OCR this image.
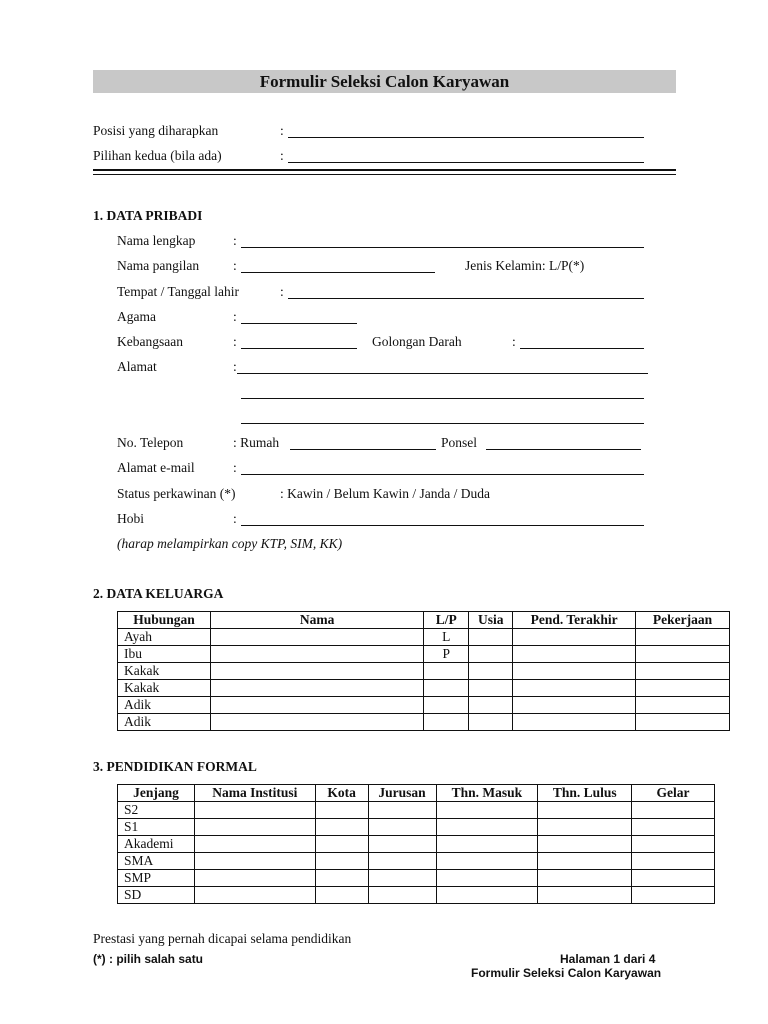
Formulir Seleksi Calon Karyawan
Posisi yang diharapkan	:
Pilihan kedua (bila ada)	:
1. DATA PRIBADI
Nama lengkap	:
Nama pangilan	:	Jenis Kelamin: L/P(*)
Tempat / Tanggal lahir	:
Agama	:
Kebangsaan	:	Golongan Darah	:
Alamat	:
No. Telepon	: Rumah	Ponsel
Alamat e-mail	:
Status perkawinan (*)	: Kawin / Belum Kawin / Janda / Duda
Hobi	:
(harap melampirkan copy KTP, SIM, KK)
2. DATA KELUARGA
Hubungan	Nama	L/P	Usia	Pend. Terakhir	Pekerjaan
Ayah		L			
Ibu		P			
Kakak					
Kakak					
Adik					
Adik					
3. PENDIDIKAN FORMAL
Jenjang	Nama Institusi	Kota	Jurusan	Thn. Masuk	Thn. Lulus	Gelar
S2						
S1						
Akademi						
SMA						
SMP						
SD						
Prestasi yang pernah dicapai selama pendidikan
(*) : pilih salah satu	Halaman 1 dari 4
Formulir Seleksi Calon Karyawan
